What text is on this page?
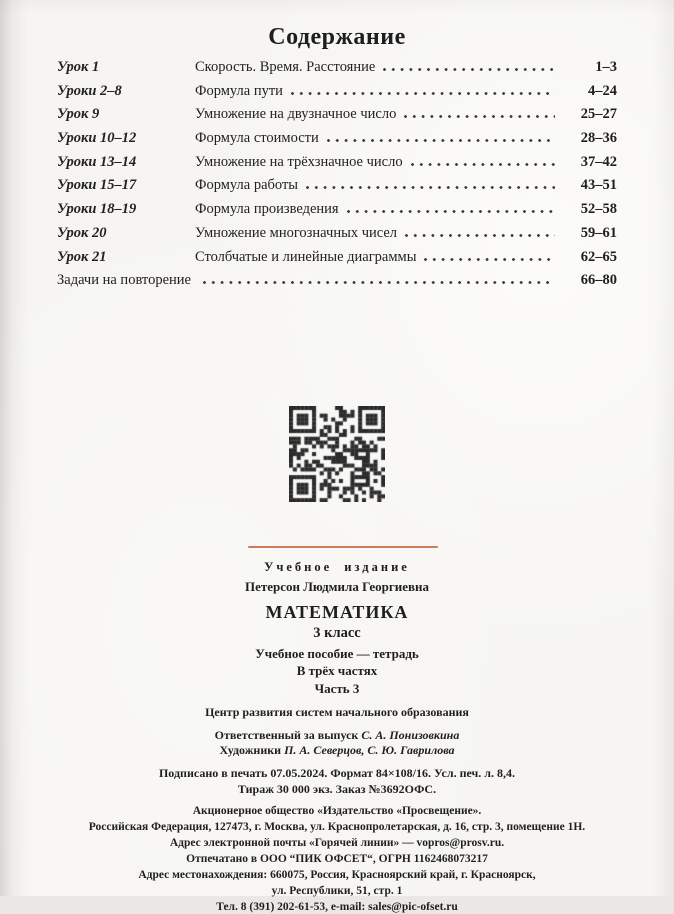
Содержание
Урок 1	Скорость. Время. Расстояние	1–3
Уроки 2–8	Формула пути	4–24
Урок 9	Умножение на двузначное число	25–27
Уроки 10–12	Формула стоимости	28–36
Уроки 13–14	Умножение на трёхзначное число	37–42
Уроки 15–17	Формула работы	43–51
Уроки 18–19	Формула произведения	52–58
Урок 20	Умножение многозначных чисел	59–61
Урок 21	Столбчатые и линейные диаграммы	62–65
Задачи на повторение	66–80
Учебное издание
Петерсон Людмила Георгиевна
МАТЕМАТИКА
3 класс
Учебное пособие — тетрадь
В трёх частях
Часть 3
Центр развития систем начального образования
Ответственный за выпуск С. А. Понизовкина
Художники П. А. Северцов, С. Ю. Гаврилова
Подписано в печать 07.05.2024. Формат 84×108/16. Усл. печ. л. 8,4.
Тираж 30 000 экз. Заказ №3692ОФС.
Акционерное общество «Издательство «Просвещение».
Российская Федерация, 127473, г. Москва, ул. Краснопролетарская, д. 16, стр. 3, помещение 1Н.
Адрес электронной почты «Горячей линии» — vopros@prosv.ru.
Отпечатано в ООО “ПИК ОФСЕТ“, ОГРН 1162468073217
Адрес местонахождения: 660075, Россия, Красноярский край, г. Красноярск,
ул. Республики, 51, стр. 1
Тел. 8 (391) 202-61-53, e-mail: sales@pic-ofset.ru
